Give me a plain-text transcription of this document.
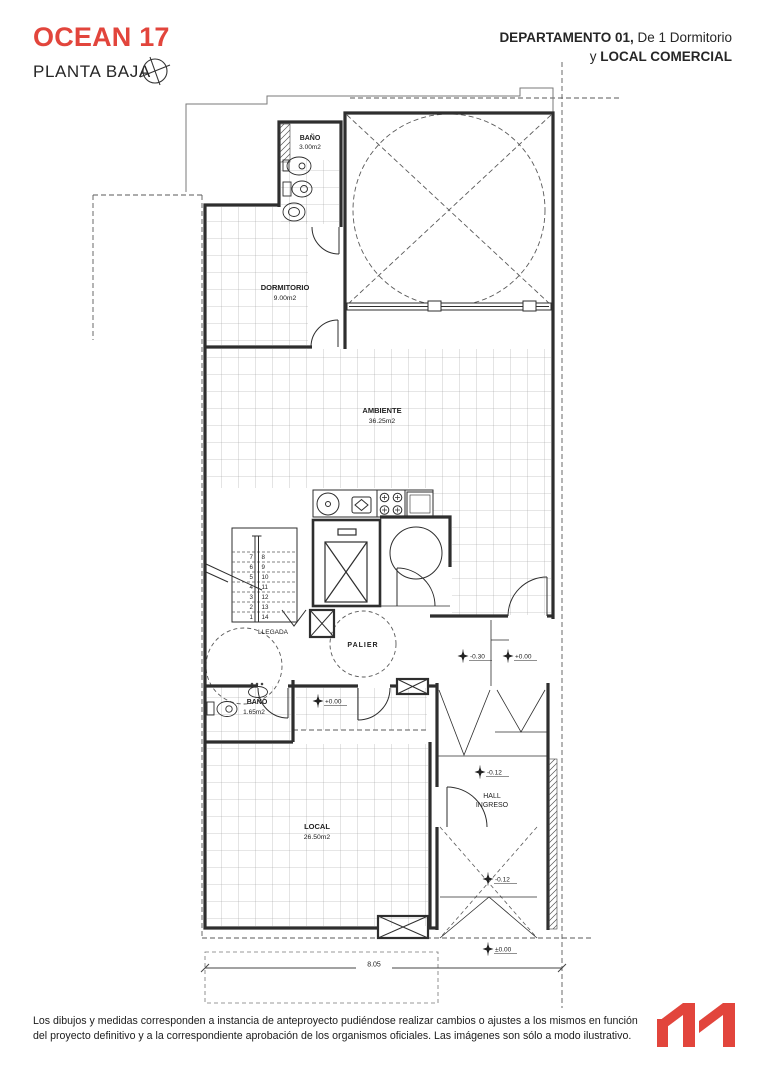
OCEAN 17
PLANTA BAJA
DEPARTAMENTO 01, De 1 Dormitorio
y LOCAL COMERCIAL
7
6
5
4
3
2
1
8
9
10
11
12
13
14
LLEGADA
BAÑO
3.00m2
DORMITORIO
9.00m2
AMBIENTE
36.25m2
PALIER
BAÑO
1.65m2
LOCAL
26.50m2
HALL
INGRESO
-0.30	+0.00
+0.00
-0.12
-0.12
±0.00
8.05
Los dibujos y medidas corresponden a instancia de anteproyecto pudiéndose realizar cambios o ajustes a los mismos en función
del proyecto definitivo y a la correspondiente aprobación de los organismos oficiales. Las imágenes son sólo a modo ilustrativo.
